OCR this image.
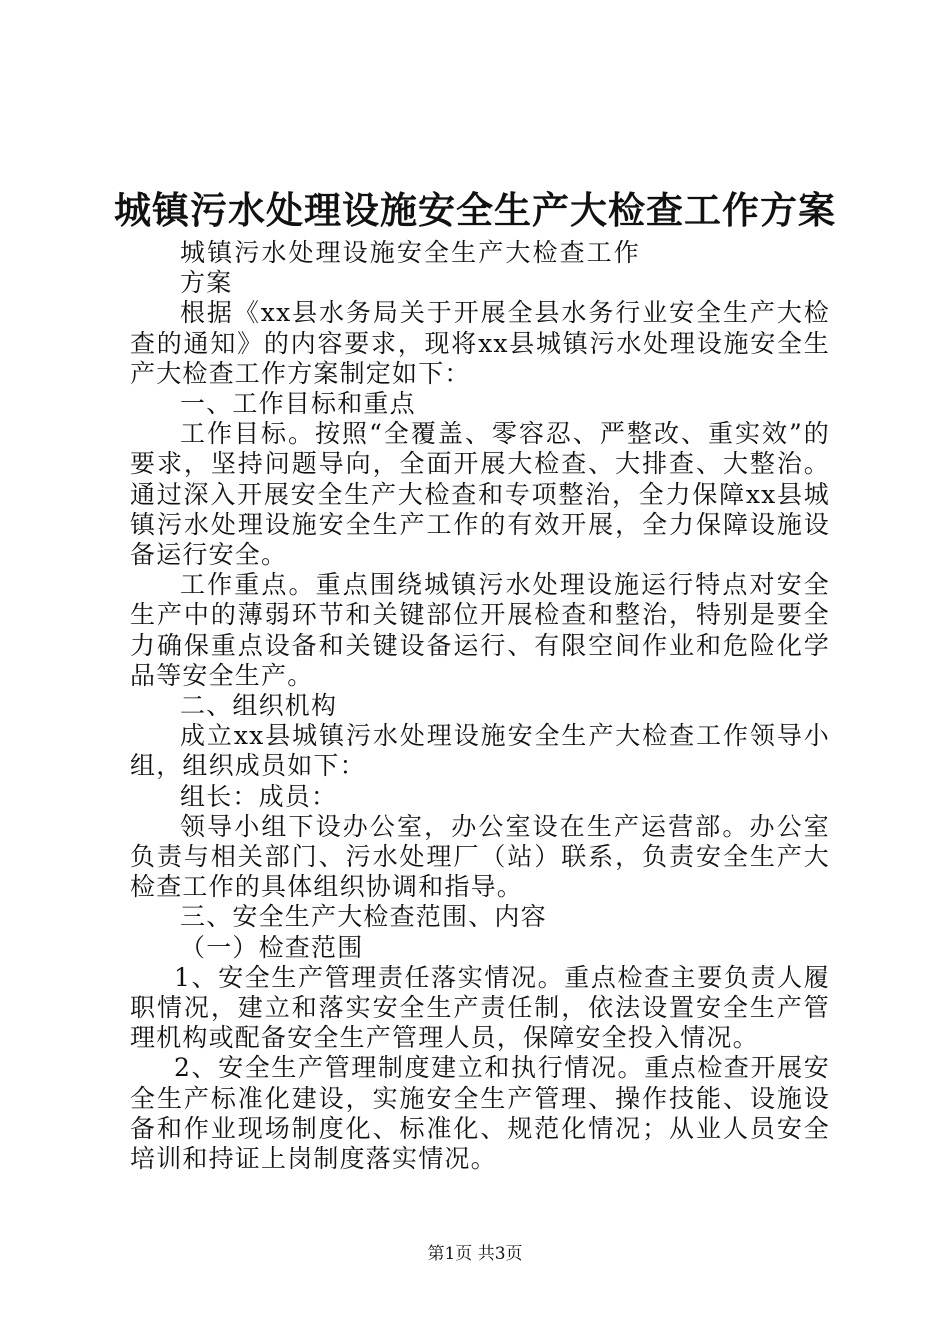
城镇污水处理设施安全生产大检查工作方案

城镇污水处理设施安全生产大检查工作方案

根据《xx县水务局关于开展全县水务行业安全生产大检查的通知》的内容要求，现将xx县城镇污水处理设施安全生产大检查工作方案制定如下：

一、工作目标和重点

工作目标。按照“全覆盖、零容忍、严整改、重实效”的要求，坚持问题导向，全面开展大检查、大排查、大整治。通过深入开展安全生产大检查和专项整治，全力保障xx县城镇污水处理设施安全生产工作的有效开展，全力保障设施设备运行安全。

工作重点。重点围绕城镇污水处理设施运行特点对安全生产中的薄弱环节和关键部位开展检查和整治，特别是要全力确保重点设备和关键设备运行、有限空间作业和危险化学品等安全生产。

二、组织机构

成立xx县城镇污水处理设施安全生产大检查工作领导小组，组织成员如下：

组长：成员：

领导小组下设办公室，办公室设在生产运营部。办公室负责与相关部门、污水处理厂（站）联系，负责安全生产大检查工作的具体组织协调和指导。

三、安全生产大检查范围、内容

（一）检查范围

1、安全生产管理责任落实情况。重点检查主要负责人履职情况，建立和落实安全生产责任制，依法设置安全生产管理机构或配备安全生产管理人员，保障安全投入情况。

2、安全生产管理制度建立和执行情况。重点检查开展安全生产标准化建设，实施安全生产管理、操作技能、设施设备和作业现场制度化、标准化、规范化情况；从业人员安全培训和持证上岗制度落实情况。

第1页 共3页
